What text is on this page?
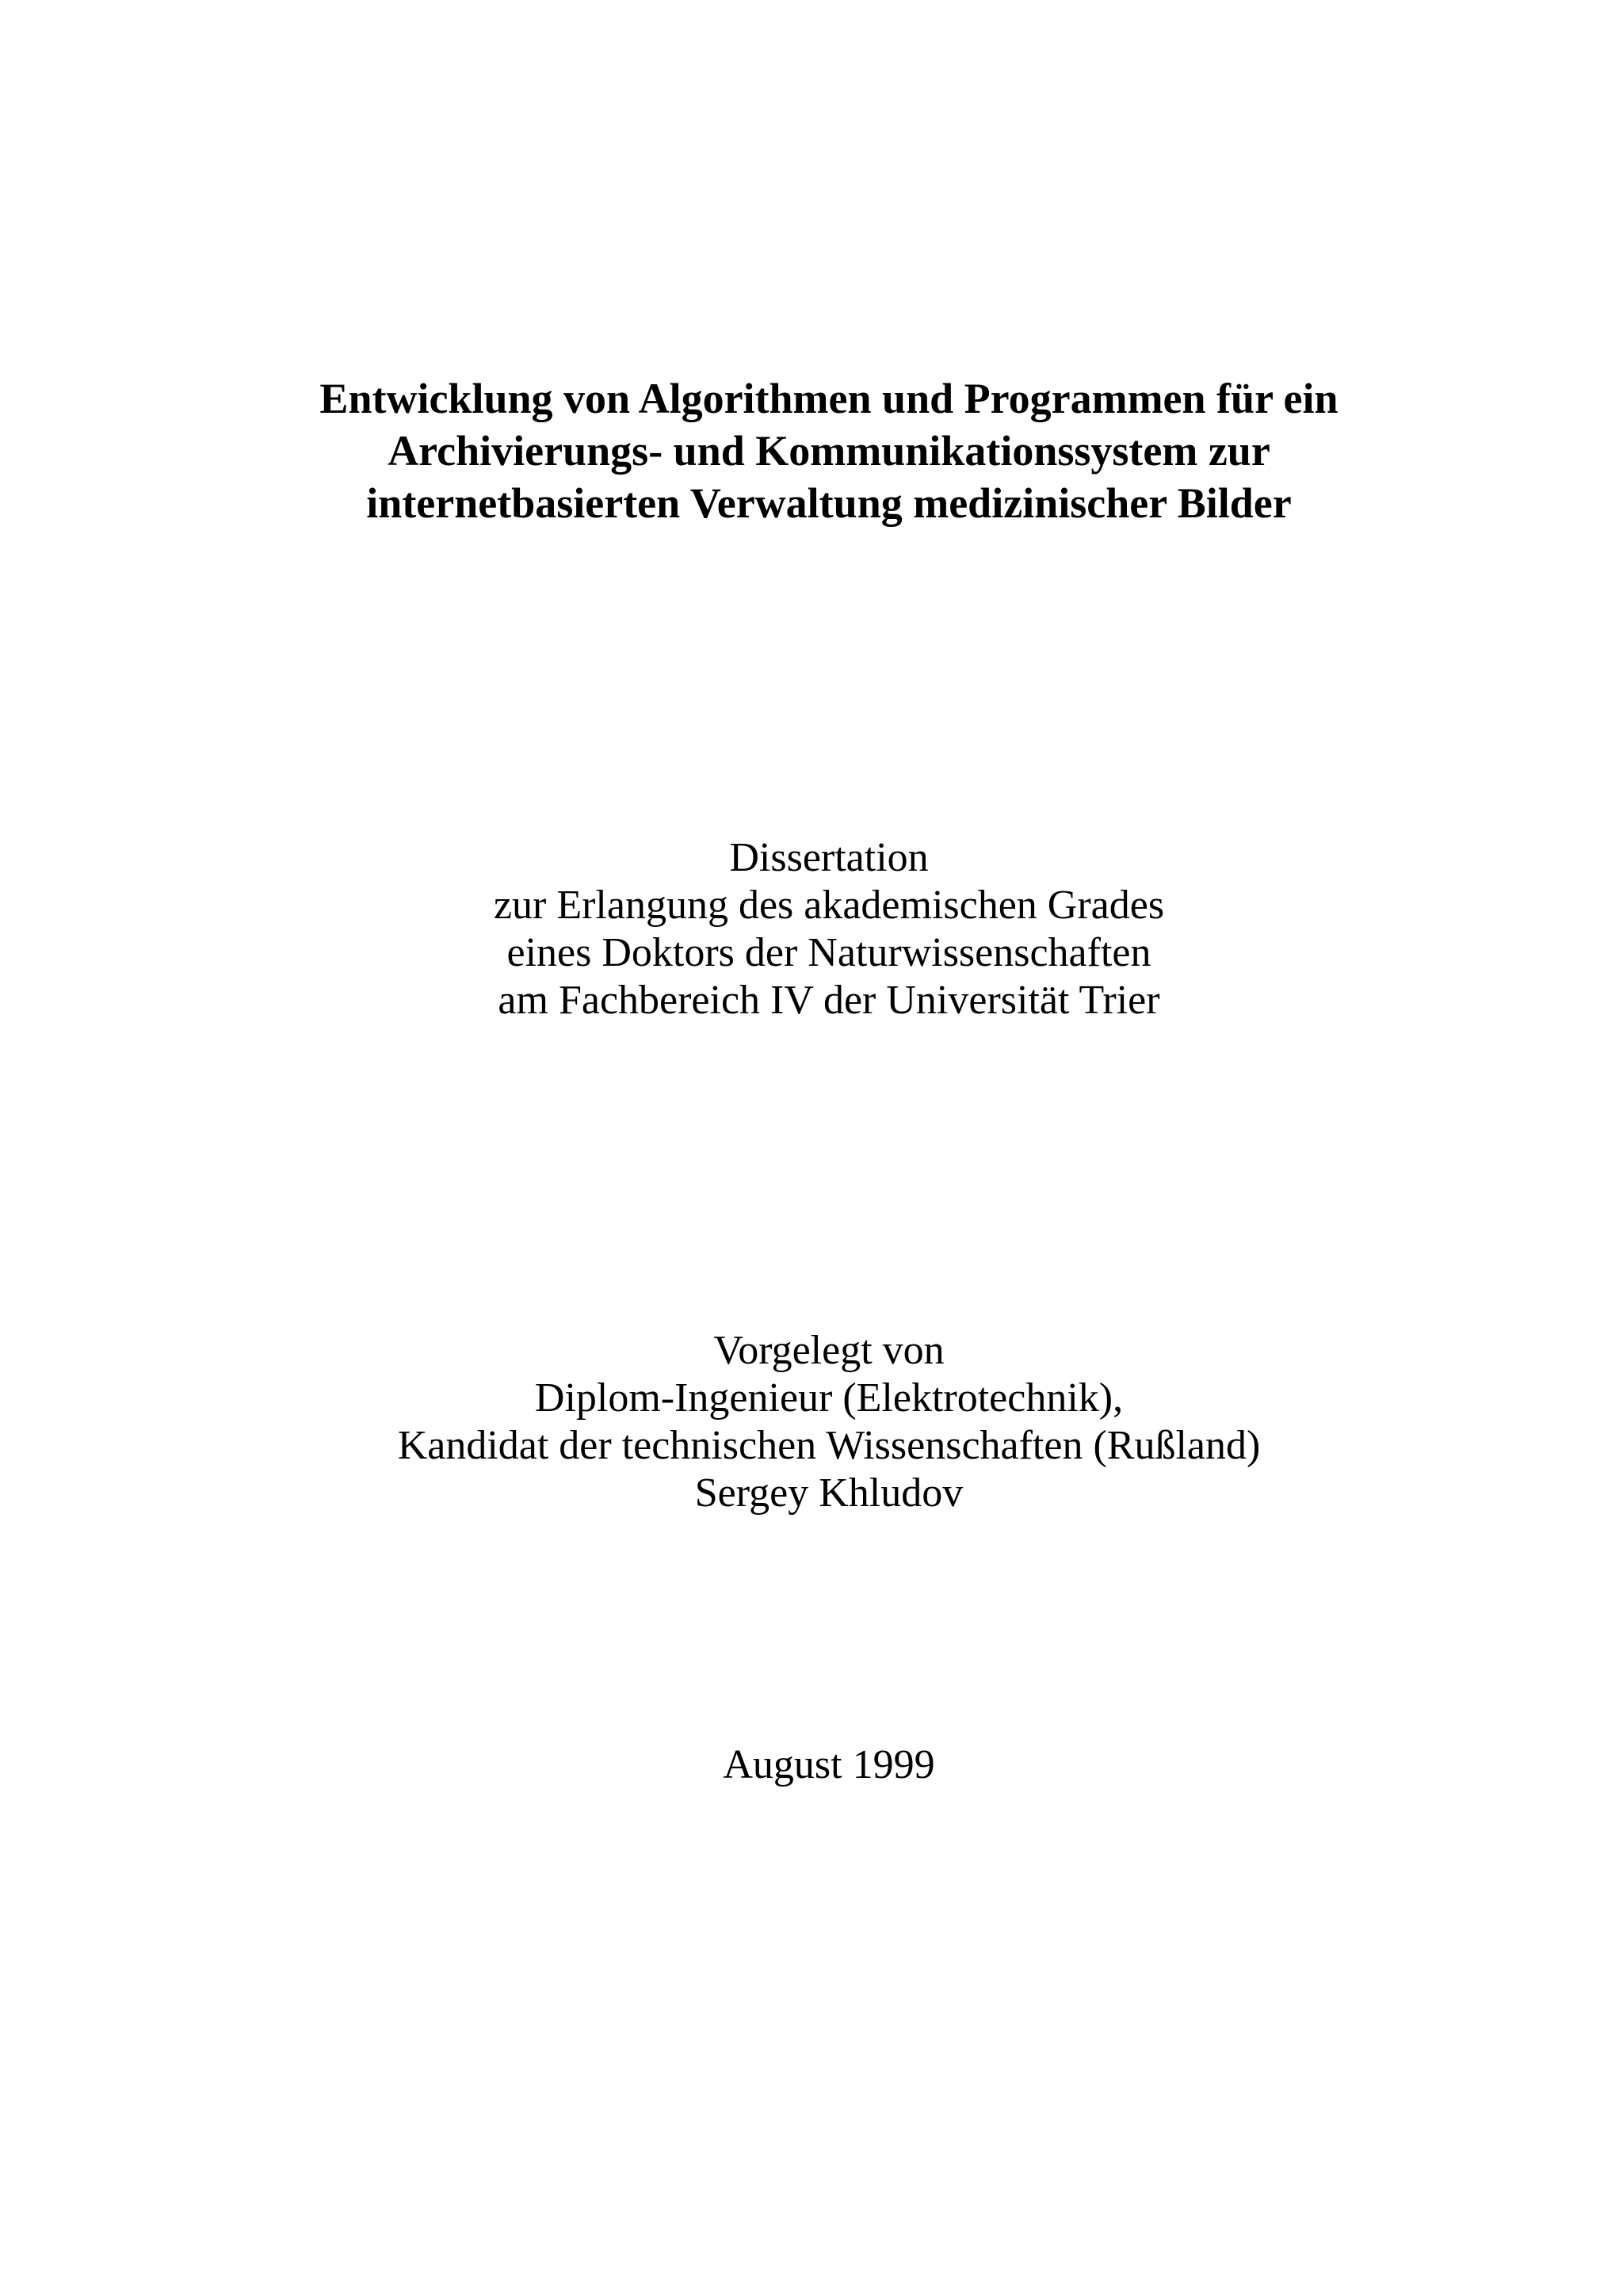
Entwicklung von Algorithmen und Programmen für ein
Archivierungs- und Kommunikationssystem zur
internetbasierten Verwaltung medizinischer Bilder
Dissertation
zur Erlangung des akademischen Grades
eines Doktors der Naturwissenschaften
am Fachbereich IV der Universität Trier
Vorgelegt von
Diplom-Ingenieur (Elektrotechnik),
Kandidat der technischen Wissenschaften (Rußland)
Sergey Khludov
August 1999
